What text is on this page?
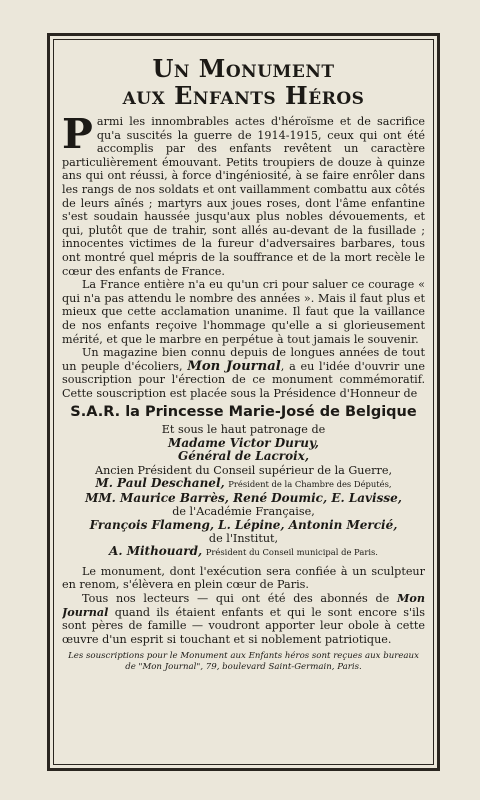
Un Monument
aux Enfants Héros

Parmi les innombrables actes d'héroïsme et de sacrifice qu'a suscités la guerre de 1914-1915, ceux qui ont été accomplis par des enfants revêtent un caractère particulièrement émouvant. Petits troupiers de douze à quinze ans qui ont réussi, à force d'ingéniosité, à se faire enrôler dans les rangs de nos soldats et ont vaillamment combattu aux côtés de leurs aînés ; martyrs aux joues roses, dont l'âme enfantine s'est soudain haussée jusqu'aux plus nobles dévouements, et qui, plutôt que de trahir, sont allés au-devant de la fusillade ; innocentes victimes de la fureur d'adversaires barbares, tous ont montré quel mépris de la souffrance et de la mort recèle le cœur des enfants de France.

La France entière n'a eu qu'un cri pour saluer ce courage « qui n'a pas attendu le nombre des années ». Mais il faut plus et mieux que cette acclamation unanime. Il faut que la vaillance de nos enfants reçoive l'hommage qu'elle a si glorieusement mérité, et que le marbre en perpétue à tout jamais le souvenir.

Un magazine bien connu depuis de longues années de tout un peuple d'écoliers, Mon Journal, a eu l'idée d'ouvrir une souscription pour l'érection de ce monument commémoratif. Cette souscription est placée sous la Présidence d'Honneur de

S.A.R. la Princesse Marie-José de Belgique
Et sous le haut patronage de
Madame Victor Duruy,
Général de Lacroix,
Ancien Président du Conseil supérieur de la Guerre,
M. Paul Deschanel, Président de la Chambre des Députés,
MM. Maurice Barrès, René Doumic, E. Lavisse,
de l'Académie Française,
François Flameng, L. Lépine, Antonin Mercié,
de l'Institut,
A. Mithouard, Président du Conseil municipal de Paris.

Le monument, dont l'exécution sera confiée à un sculpteur en renom, s'élèvera en plein cœur de Paris.

Tous nos lecteurs — qui ont été des abonnés de Mon Journal quand ils étaient enfants et qui le sont encore s'ils sont pères de famille — voudront apporter leur obole à cette œuvre d'un esprit si touchant et si noblement patriotique.

Les souscriptions pour le Monument aux Enfants héros sont reçues aux bureaux de "Mon Journal", 79, boulevard Saint-Germain, Paris.
